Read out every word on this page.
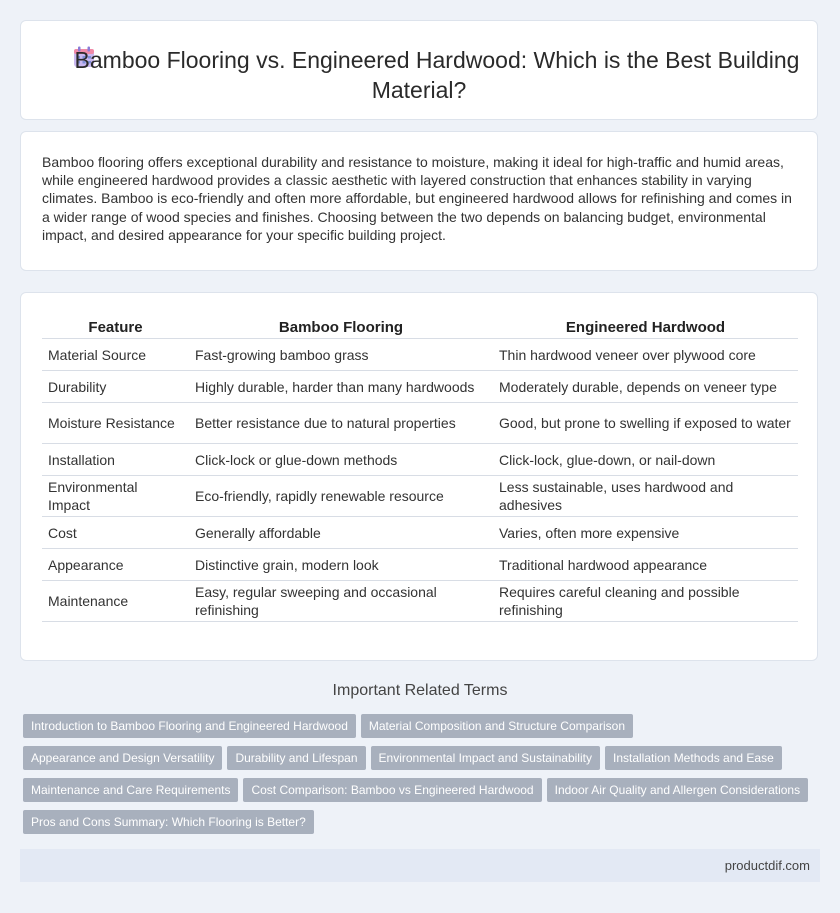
Bamboo Flooring vs. Engineered Hardwood: Which is the Best Building Material?
Bamboo flooring offers exceptional durability and resistance to moisture, making it ideal for high-traffic and humid areas, while engineered hardwood provides a classic aesthetic with layered construction that enhances stability in varying climates. Bamboo is eco-friendly and often more affordable, but engineered hardwood allows for refinishing and comes in a wider range of wood species and finishes. Choosing between the two depends on balancing budget, environmental impact, and desired appearance for your specific building project.
Feature	Bamboo Flooring	Engineered Hardwood
Material Source	Fast-growing bamboo grass	Thin hardwood veneer over plywood core
Durability	Highly durable, harder than many hardwoods	Moderately durable, depends on veneer type
Moisture Resistance	Better resistance due to natural properties	Good, but prone to swelling if exposed to water
Installation	Click-lock or glue-down methods	Click-lock, glue-down, or nail-down
Environmental Impact	Eco-friendly, rapidly renewable resource	Less sustainable, uses hardwood and adhesives
Cost	Generally affordable	Varies, often more expensive
Appearance	Distinctive grain, modern look	Traditional hardwood appearance
Maintenance	Easy, regular sweeping and occasional refinishing	Requires careful cleaning and possible refinishing
Important Related Terms
Introduction to Bamboo Flooring and Engineered Hardwood Material Composition and Structure Comparison
Appearance and Design Versatility Durability and Lifespan Environmental Impact and Sustainability Installation Methods and Ease
Maintenance and Care Requirements Cost Comparison: Bamboo vs Engineered Hardwood Indoor Air Quality and Allergen Considerations
Pros and Cons Summary: Which Flooring is Better?
productdif.com
